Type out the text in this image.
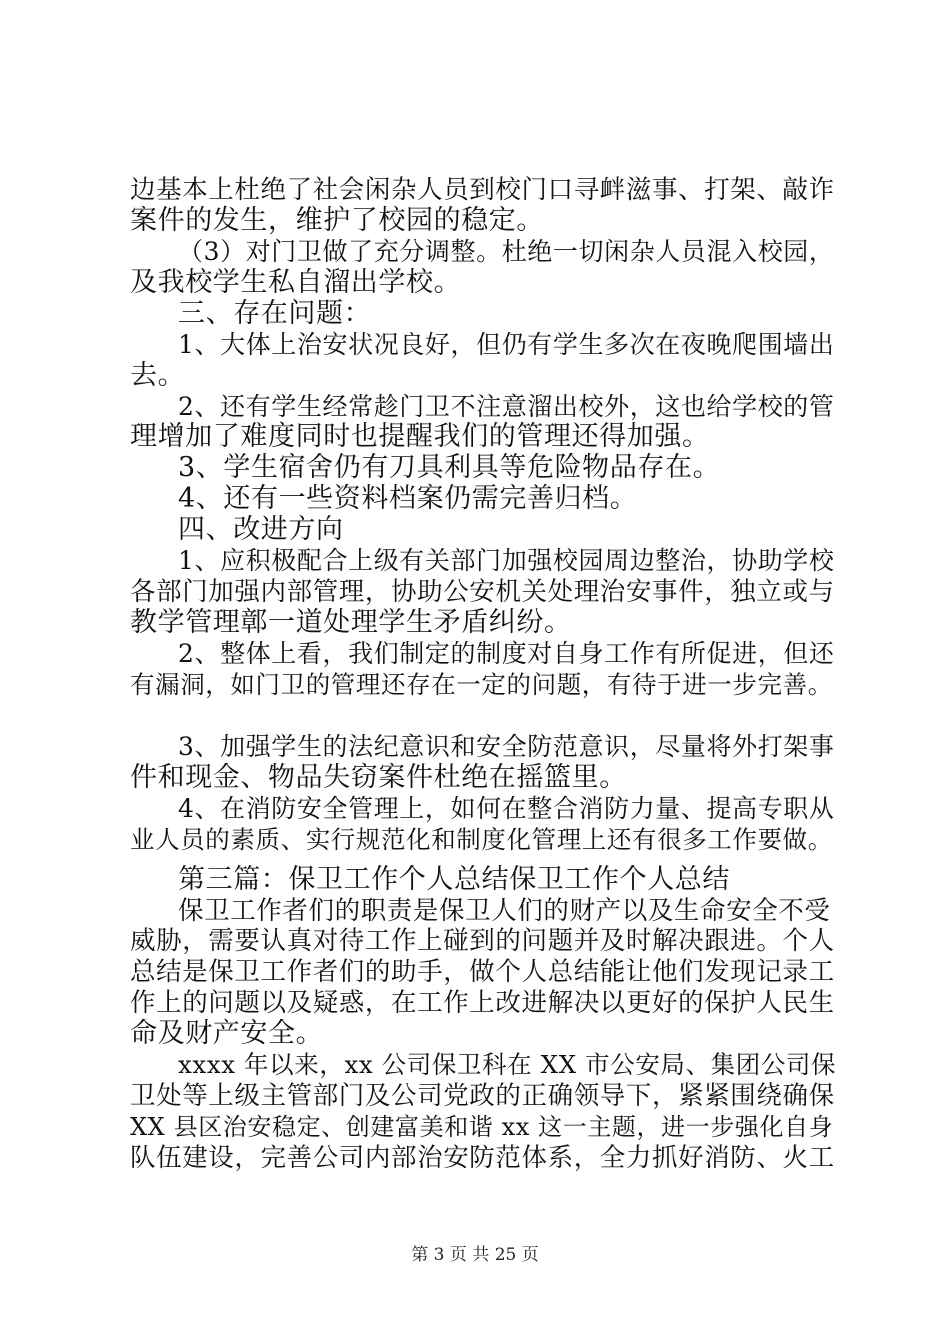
边基本上杜绝了社会闲杂人员到校门口寻衅滋事、打架、敲诈
案件的发生，维护了校园的稳定。
（3）对门卫做了充分调整。杜绝一切闲杂人员混入校园，
及我校学生私自溜出学校。
三、存在问题：
1、大体上治安状况良好，但仍有学生多次在夜晚爬围墙出
去。
2、还有学生经常趁门卫不注意溜出校外，这也给学校的管
理增加了难度同时也提醒我们的管理还得加强。
3、学生宿舍仍有刀具利具等危险物品存在。
4、还有一些资料档案仍需完善归档。
四、改进方向
1、应积极配合上级有关部门加强校园周边整治，协助学校
各部门加强内部管理，协助公安机关处理治安事件，独立或与
教学管理鄣一道处理学生矛盾纠纷。
2、整体上看，我们制定的制度对自身工作有所促进，但还
有漏洞，如门卫的管理还存在一定的问题，有待于进一步完善。
3、加强学生的法纪意识和安全防范意识，尽量将外打架事
件和现金、物品失窃案件杜绝在摇篮里。
4、在消防安全管理上，如何在整合消防力量、提高专职从
业人员的素质、实行规范化和制度化管理上还有很多工作要做。
第三篇：保卫工作个人总结保卫工作个人总结
保卫工作者们的职责是保卫人们的财产以及生命安全不受
威胁，需要认真对待工作上碰到的问题并及时解决跟进。个人
总结是保卫工作者们的助手，做个人总结能让他们发现记录工
作上的问题以及疑惑，在工作上改进解决以更好的保护人民生
命及财产安全。
xxxx 年以来，xx 公司保卫科在 XX 市公安局、集团公司保
卫处等上级主管部门及公司党政的正确领导下，紧紧围绕确保
XX 县区治安稳定、创建富美和谐 xx 这一主题，进一步强化自身
队伍建设，完善公司内部治安防范体系，全力抓好消防、火工
第 3 页 共 25 页
